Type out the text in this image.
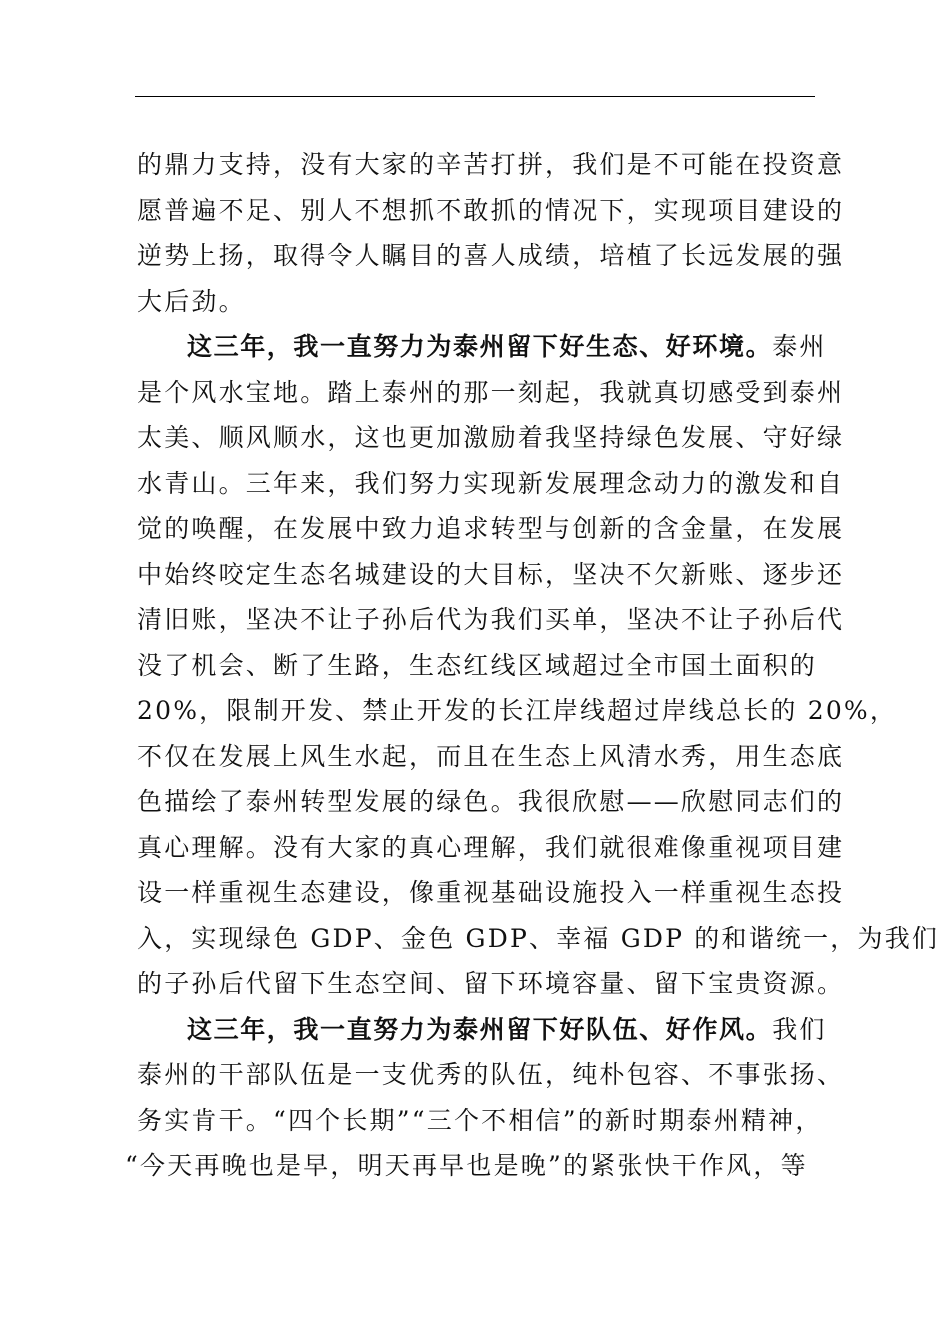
的鼎力支持，没有大家的辛苦打拼，我们是不可能在投资意
愿普遍不足、别人不想抓不敢抓的情况下，实现项目建设的
逆势上扬，取得令人瞩目的喜人成绩，培植了长远发展的强
大后劲。
这三年，我一直努力为泰州留下好生态、好环境。泰州
是个风水宝地。踏上泰州的那一刻起，我就真切感受到泰州
太美、顺风顺水，这也更加激励着我坚持绿色发展、守好绿
水青山。三年来，我们努力实现新发展理念动力的激发和自
觉的唤醒，在发展中致力追求转型与创新的含金量，在发展
中始终咬定生态名城建设的大目标，坚决不欠新账、逐步还
清旧账，坚决不让子孙后代为我们买单，坚决不让子孙后代
没了机会、断了生路，生态红线区域超过全市国土面积的
20%，限制开发、禁止开发的长江岸线超过岸线总长的 20%，
不仅在发展上风生水起，而且在生态上风清水秀，用生态底
色描绘了泰州转型发展的绿色。我很欣慰——欣慰同志们的
真心理解。没有大家的真心理解，我们就很难像重视项目建
设一样重视生态建设，像重视基础设施投入一样重视生态投
入，实现绿色 GDP、金色 GDP、幸福 GDP 的和谐统一，为我们
的子孙后代留下生态空间、留下环境容量、留下宝贵资源。
这三年，我一直努力为泰州留下好队伍、好作风。我们
泰州的干部队伍是一支优秀的队伍，纯朴包容、不事张扬、
务实肯干。“四个长期”“三个不相信”的新时期泰州精神，
“今天再晚也是早，明天再早也是晚”的紧张快干作风，等
